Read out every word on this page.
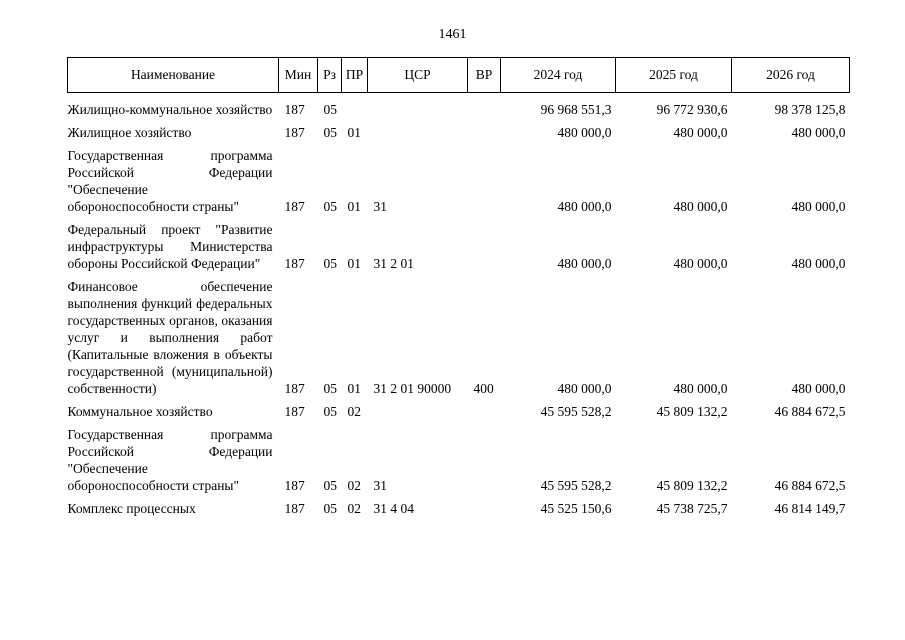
1461
Наименование	Мин	Рз	ПР	ЦСР	ВР	2024 год	2025 год	2026 год
Жилищно-коммунальное хозяйство	187	05				96 968 551,3	96 772 930,6	98 378 125,8
Жилищное хозяйство	187	05	01			480 000,0	480 000,0	480 000,0
Государственная программа Российской Федерации "Обеспечение обороноспособности страны"	187	05	01	31		480 000,0	480 000,0	480 000,0
Федеральный проект "Развитие инфраструктуры Министерства обороны Российской Федерации"	187	05	01	31 2 01		480 000,0	480 000,0	480 000,0
Финансовое обеспечение выполнения функций федеральных государственных органов, оказания услуг и выполнения работ (Капитальные вложения в объекты государственной (муниципальной) собственности)	187	05	01	31 2 01 90000	400	480 000,0	480 000,0	480 000,0
Коммунальное хозяйство	187	05	02			45 595 528,2	45 809 132,2	46 884 672,5
Государственная программа Российской Федерации "Обеспечение обороноспособности страны"	187	05	02	31		45 595 528,2	45 809 132,2	46 884 672,5
Комплекс процессных	187	05	02	31 4 04		45 525 150,6	45 738 725,7	46 814 149,7
